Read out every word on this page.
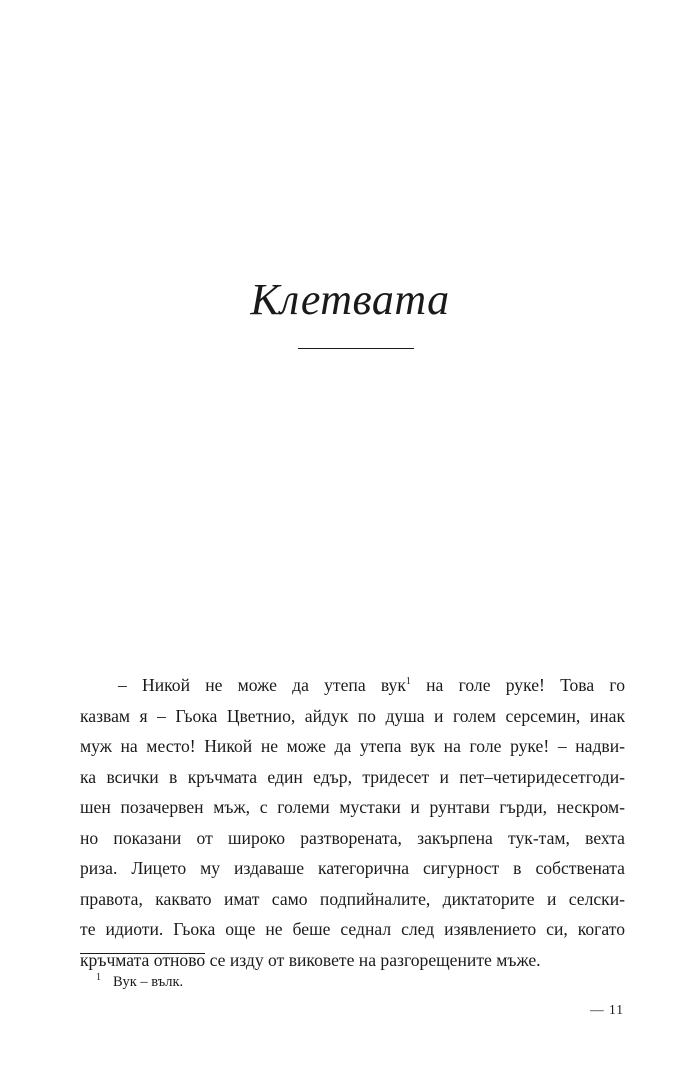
Клетвата
– Никой не може да утепа вук$^1$ на голе руке! Това го
казвам я – Гьока Цветнио, айдук по душа и голем серсемин, инак
муж на место! Никой не може да утепа вук на голе руке! – надви-
ка всички в кръчмата един едър, тридесет и пет–четиридесетгоди-
шен позачервен мъж, с големи мустаки и рунтави гърди, нескром-
но показани от широко разтворената, закърпена тук-там, вехта
риза. Лицето му издаваше категорична сигурност в собствената
правота, каквато имат само подпийналите, диктаторите и селски-
те идиоти. Гьока още не беше седнал след изявлението си, когато
кръчмата отново се изду от виковете на разгорещените мъже.

$^1$ Вук – вълк.

— 11
